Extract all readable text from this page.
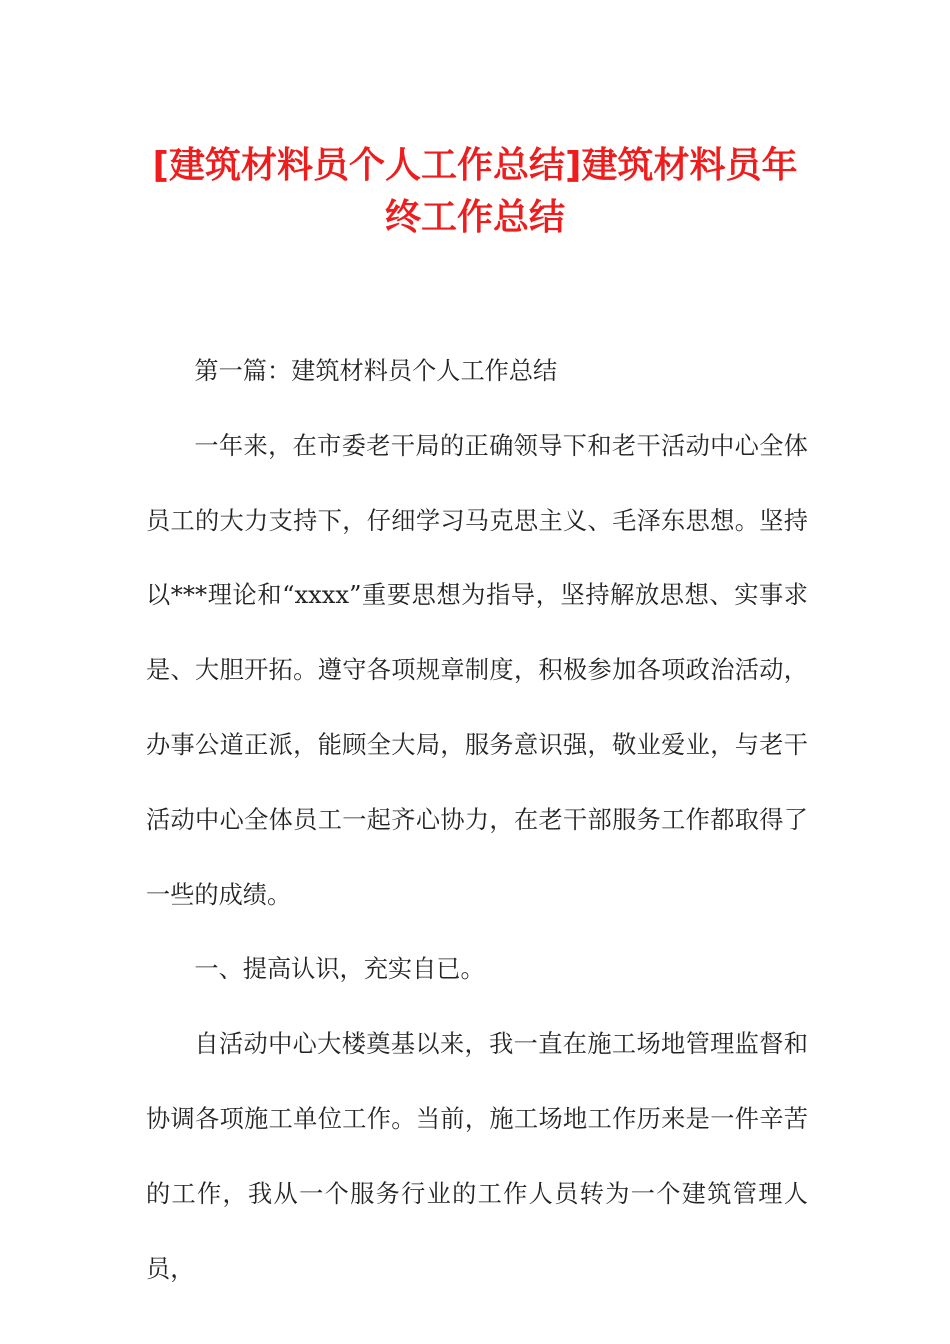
[建筑材料员个人工作总结]建筑材料员年终工作总结

第一篇：建筑材料员个人工作总结

一年来，在市委老干局的正确领导下和老干活动中心全体员工的大力支持下，仔细学习马克思主义、毛泽东思想。坚持以***理论和“xxxx”重要思想为指导，坚持解放思想、实事求是、大胆开拓。遵守各项规章制度，积极参加各项政治活动，办事公道正派，能顾全大局，服务意识强，敬业爱业，与老干活动中心全体员工一起齐心协力，在老干部服务工作都取得了一些的成绩。

一、提高认识，充实自已。

自活动中心大楼奠基以来，我一直在施工场地管理监督和协调各项施工单位工作。当前，施工场地工作历来是一件辛苦的工作，我从一个服务行业的工作人员转为一个建筑管理人员，
